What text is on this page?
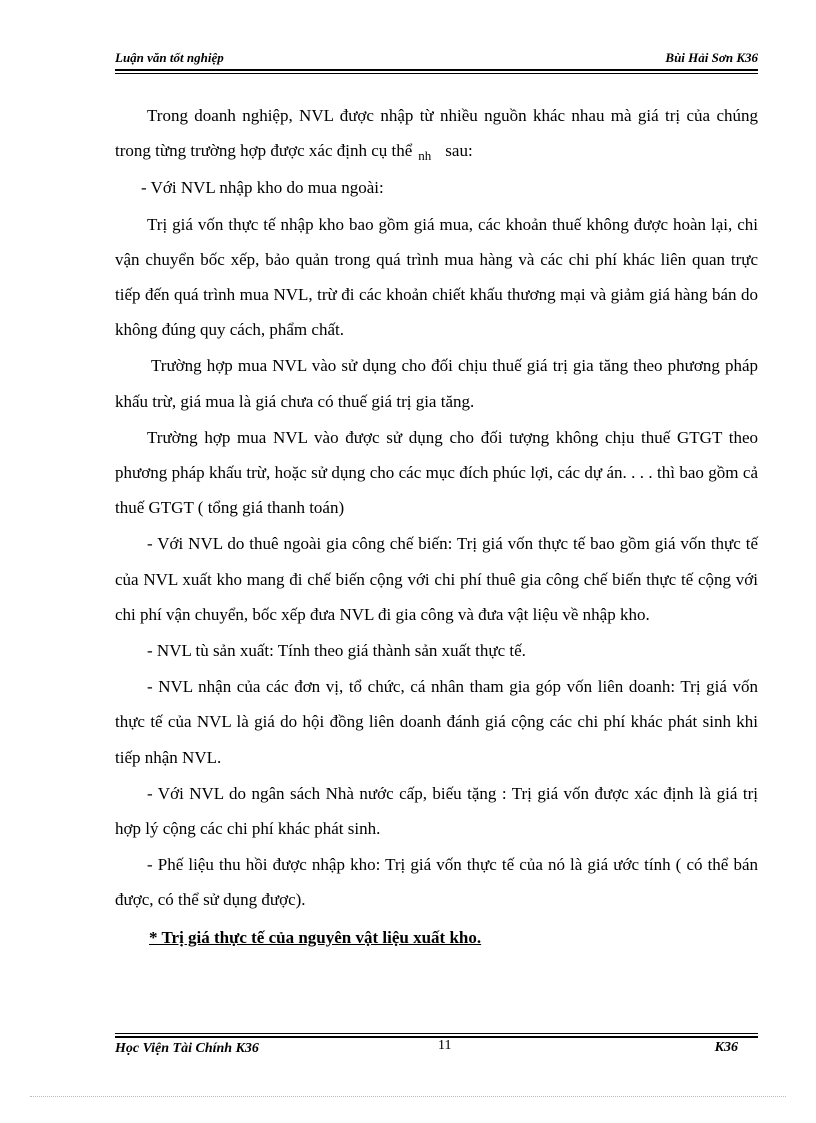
Luận văn tốt nghiệp	Bùi Hải Sơn K36

Trong doanh nghiệp, NVL được nhập từ nhiều nguồn khác nhau mà giá trị của chúng trong từng trường hợp được xác định cụ thể $_{nh}$ sau:

- Với NVL nhập kho do mua ngoài:

Trị giá vốn thực tế nhập kho bao gồm giá mua, các khoản thuế không được hoàn lại, chi vận chuyển bốc xếp, bảo quản trong quá trình mua hàng và các chi phí khác liên quan trực tiếp đến quá trình mua NVL, trừ đi các khoản chiết khấu thương mại và giảm giá hàng bán do không đúng quy cách, phẩm chất.

Trường hợp mua NVL vào sử dụng cho đối chịu thuế giá trị gia tăng theo phương pháp khấu trừ, giá mua là giá chưa có thuế giá trị gia tăng.

Trường hợp mua NVL vào được sử dụng cho đối tượng không chịu thuế GTGT theo phương pháp khấu trừ, hoặc sử dụng cho các mục đích phúc lợi, các dự án. . . . thì bao gồm cả thuế GTGT ( tổng giá thanh toán)

- Với NVL do thuê ngoài gia công chế biến: Trị giá vốn thực tế bao gồm giá vốn thực tế của NVL xuất kho mang đi chế biến cộng với chi phí thuê gia công chế biến thực tế cộng với chi phí vận chuyển, bốc xếp đưa NVL đi gia công và đưa vật liệu về nhập kho.

- NVL tù sản xuất: Tính theo giá thành sản xuất thực tế.

- NVL nhận của các đơn vị, tổ chức, cá nhân tham gia góp vốn liên doanh: Trị giá vốn thực tế của NVL là giá do hội đồng liên doanh đánh giá cộng các chi phí khác phát sinh khi tiếp nhận NVL.

- Với NVL do ngân sách Nhà nước cấp, biếu tặng : Trị giá vốn được xác định là giá trị hợp lý cộng các chi phí khác phát sinh.

- Phế liệu thu hồi được nhập kho: Trị giá vốn thực tế của nó là giá ước tính ( có thể bán được, có thể sử dụng được).

* Trị giá thực tế của nguyên vật liệu xuất kho.

Học Viện Tài Chính K36	11	K36
